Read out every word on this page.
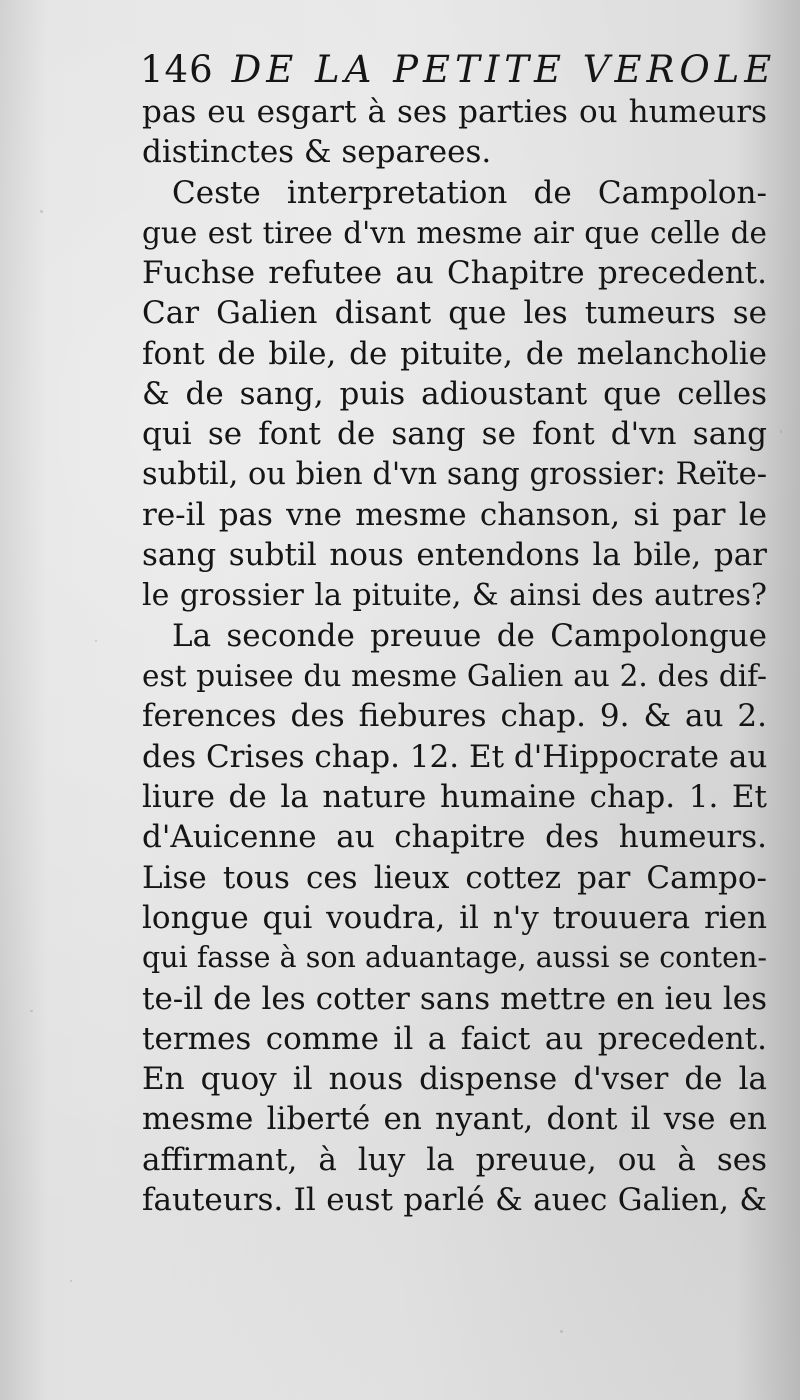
146 DE LA PETITE VEROLE
pas eu esgart à ses parties ou humeurs
distinctes & separees.
Ceste interpretation de Campolon-
gue est tiree d'vn mesme air que celle de
Fuchse refutee au Chapitre precedent.
Car Galien disant que les tumeurs se
font de bile, de pituite, de melancholie
& de sang, puis adioustant que celles
qui se font de sang se font d'vn sang
subtil, ou bien d'vn sang grossier: Reïte-
re-il pas vne mesme chanson, si par le
sang subtil nous entendons la bile, par
le grossier la pituite, & ainsi des autres?
La seconde preuue de Campolongue
est puisee du mesme Galien au 2. des dif-
ferences des fiebures chap. 9. & au 2.
des Crises chap. 12. Et d'Hippocrate au
liure de la nature humaine chap. 1. Et
d'Auicenne au chapitre des humeurs.
Lise tous ces lieux cottez par Campo-
longue qui voudra, il n'y trouuera rien
qui fasse à son aduantage, aussi se conten-
te-il de les cotter sans mettre en ieu les
termes comme il a faict au precedent.
En quoy il nous dispense d'vser de la
mesme liberté en nyant, dont il vse en
affirmant, à luy la preuue, ou à ses
fauteurs. Il eust parlé & auec Galien, &
